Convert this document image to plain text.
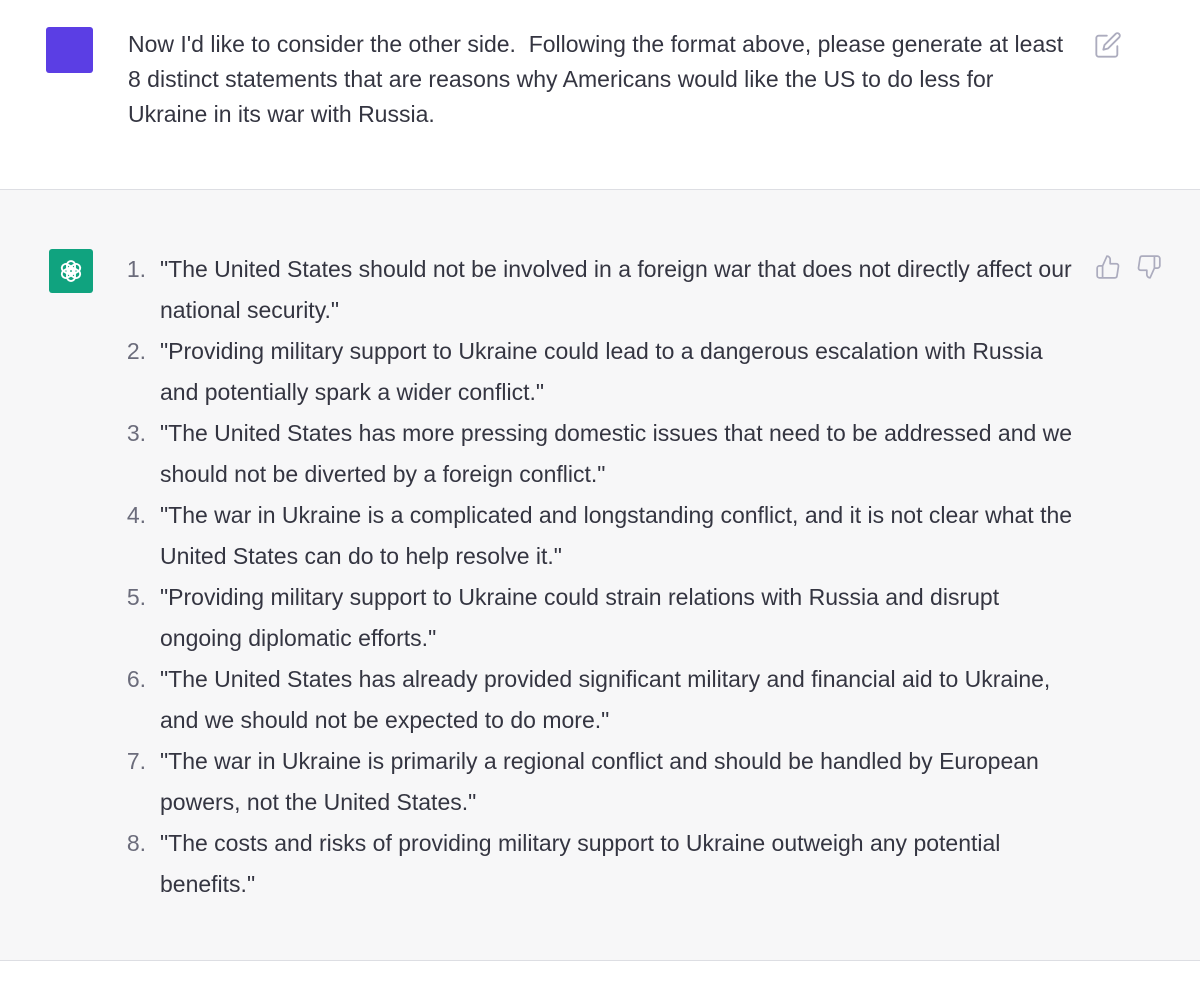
Now I'd like to consider the other side.  Following the format above, please generate at least 8 distinct statements that are reasons why Americans would like the US to do less for Ukraine in its war with Russia.

1. "The United States should not be involved in a foreign war that does not directly affect our national security."
2. "Providing military support to Ukraine could lead to a dangerous escalation with Russia and potentially spark a wider conflict."
3. "The United States has more pressing domestic issues that need to be addressed and we should not be diverted by a foreign conflict."
4. "The war in Ukraine is a complicated and longstanding conflict, and it is not clear what the United States can do to help resolve it."
5. "Providing military support to Ukraine could strain relations with Russia and disrupt ongoing diplomatic efforts."
6. "The United States has already provided significant military and financial aid to Ukraine, and we should not be expected to do more."
7. "The war in Ukraine is primarily a regional conflict and should be handled by European powers, not the United States."
8. "The costs and risks of providing military support to Ukraine outweigh any potential benefits."
